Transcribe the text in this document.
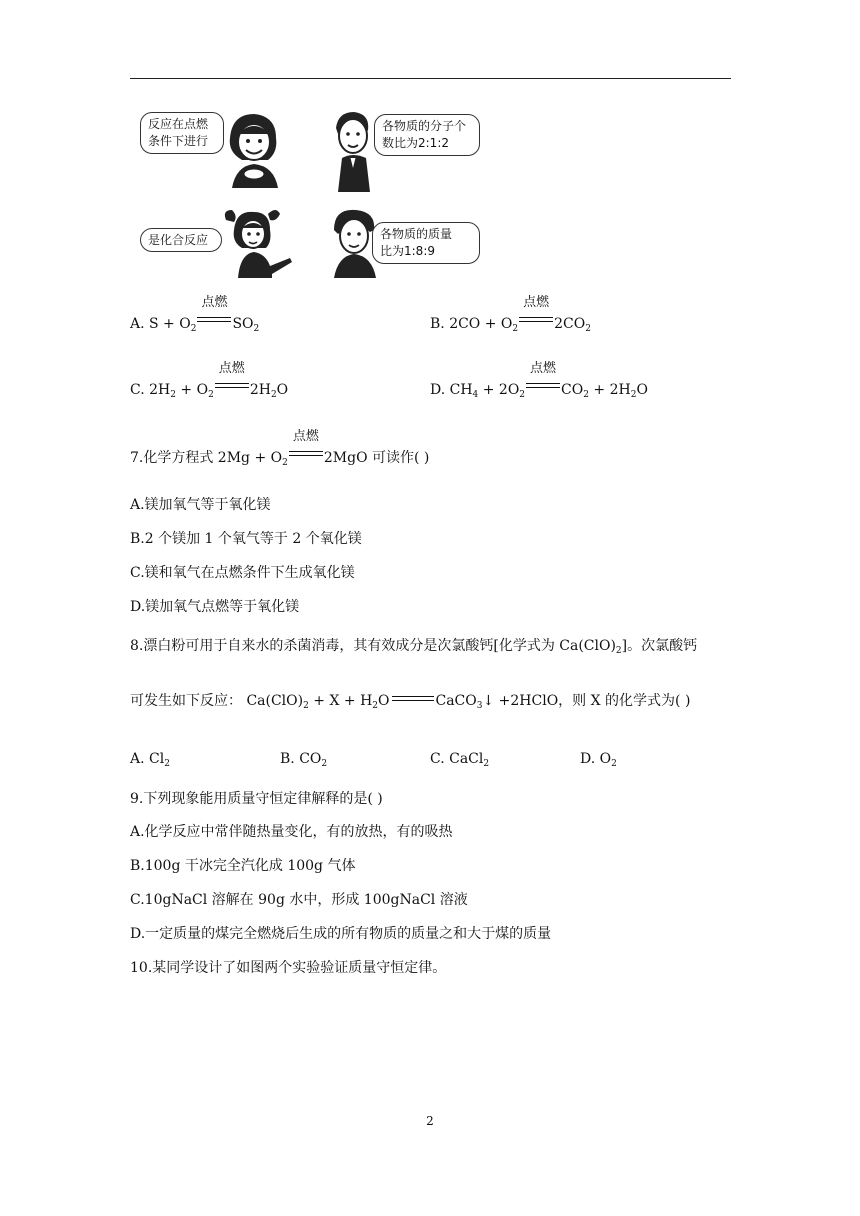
反应在点燃
条件下进行
各物质的分子个
数比为2:1:2
是化合反应	各物质的质量
比为1:8:9
A. $S + O_2$
点燃
$SO_2$	B. $2CO + O_2$
点燃
$2CO_2$
C. $2H_2 + O_2$
点燃
$2H_2O$	D. $CH_4 + 2O_2$
点燃
$CO_2 + 2H_2O$
7.化学方程式 $2Mg + O_2$
点燃
2MgO 可读作( )
A.镁加氧气等于氧化镁
B.2 个镁加 1 个氧气等于 2 个氧化镁
C.镁和氧气在点燃条件下生成氧化镁
D.镁加氧气点燃等于氧化镁
8.漂白粉可用于自来水的杀菌消毒，其有效成分是次氯酸钙[化学式为 $Ca(ClO)_2$]。次氯酸钙
可发生如下反应： $Ca(ClO)_2 + X + H_2O$	CaCO$_3$↓ +2HClO，则 X 的化学式为( )
A. $Cl_2$	B. $CO_2$	C. CaCl$_2$	D. $O_2$
9.下列现象能用质量守恒定律解释的是( )
A.化学反应中常伴随热量变化，有的放热，有的吸热
B.100g 干冰完全汽化成 100g 气体
C.10gNaCl 溶解在 90g 水中，形成 100gNaCl 溶液
D.一定质量的煤完全燃烧后生成的所有物质的质量之和大于煤的质量
10.某同学设计了如图两个实验验证质量守恒定律。
2
